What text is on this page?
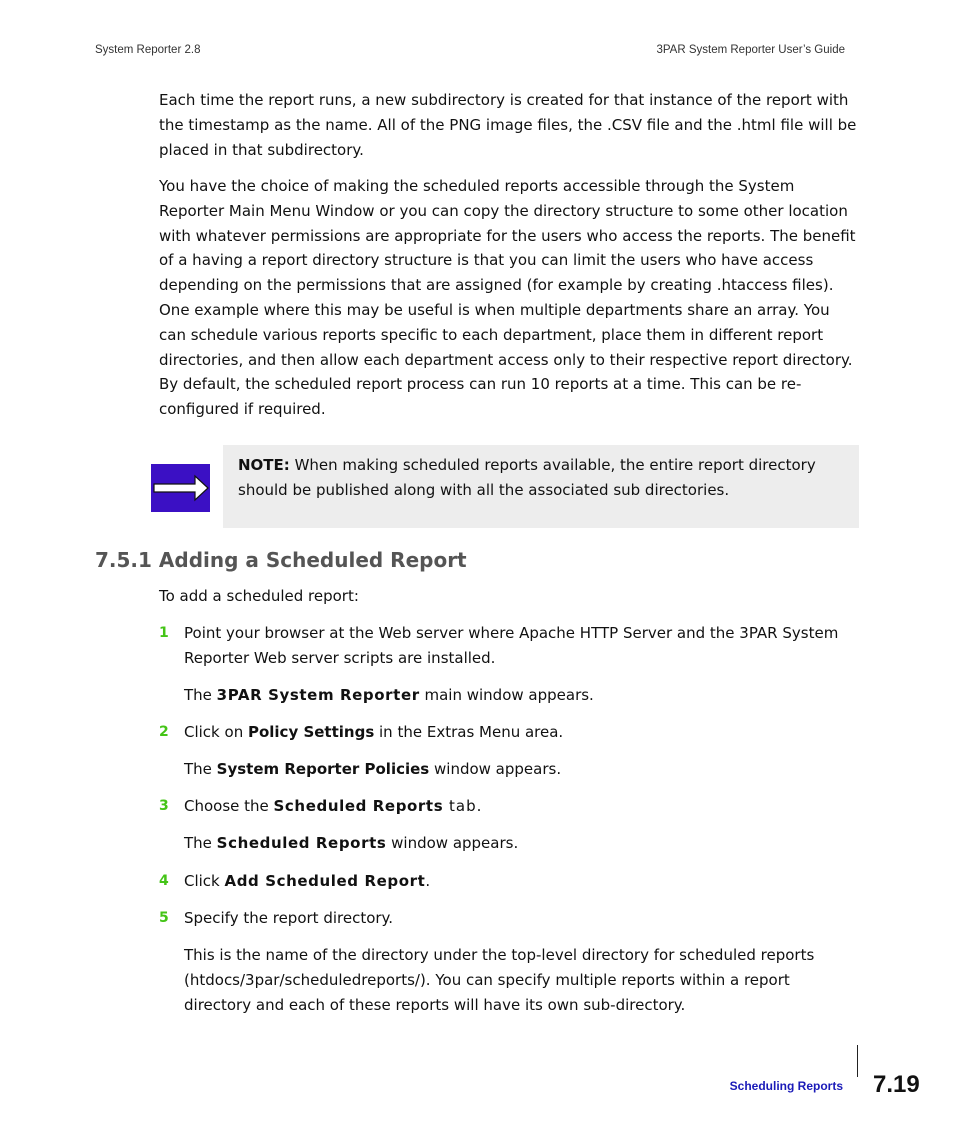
System Reporter 2.8	3PAR System Reporter User’s Guide

Each time the report runs, a new subdirectory is created for that instance of the report with the timestamp as the name. All of the PNG image files, the .CSV file and the .html file will be placed in that subdirectory.

You have the choice of making the scheduled reports accessible through the System Reporter Main Menu Window or you can copy the directory structure to some other location with whatever permissions are appropriate for the users who access the reports. The benefit of a having a report directory structure is that you can limit the users who have access depending on the permissions that are assigned (for example by creating .htaccess files). One example where this may be useful is when multiple departments share an array. You can schedule various reports specific to each department, place them in different report directories, and then allow each department access only to their respective report directory. By default, the scheduled report process can run 10 reports at a time. This can be re-configured if required.

NOTE: When making scheduled reports available, the entire report directory should be published along with all the associated sub directories.

7.5.1 Adding a Scheduled Report

To add a scheduled report:

1 Point your browser at the Web server where Apache HTTP Server and the 3PAR System Reporter Web server scripts are installed.

The 3PAR System Reporter main window appears.

2 Click on Policy Settings in the Extras Menu area.

The System Reporter Policies window appears.

3 Choose the Scheduled Reports tab.

The Scheduled Reports window appears.

4 Click Add Scheduled Report.

5 Specify the report directory.

This is the name of the directory under the top-level directory for scheduled reports (htdocs/3par/scheduledreports/). You can specify multiple reports within a report directory and each of these reports will have its own sub-directory.

Scheduling Reports 7.19
